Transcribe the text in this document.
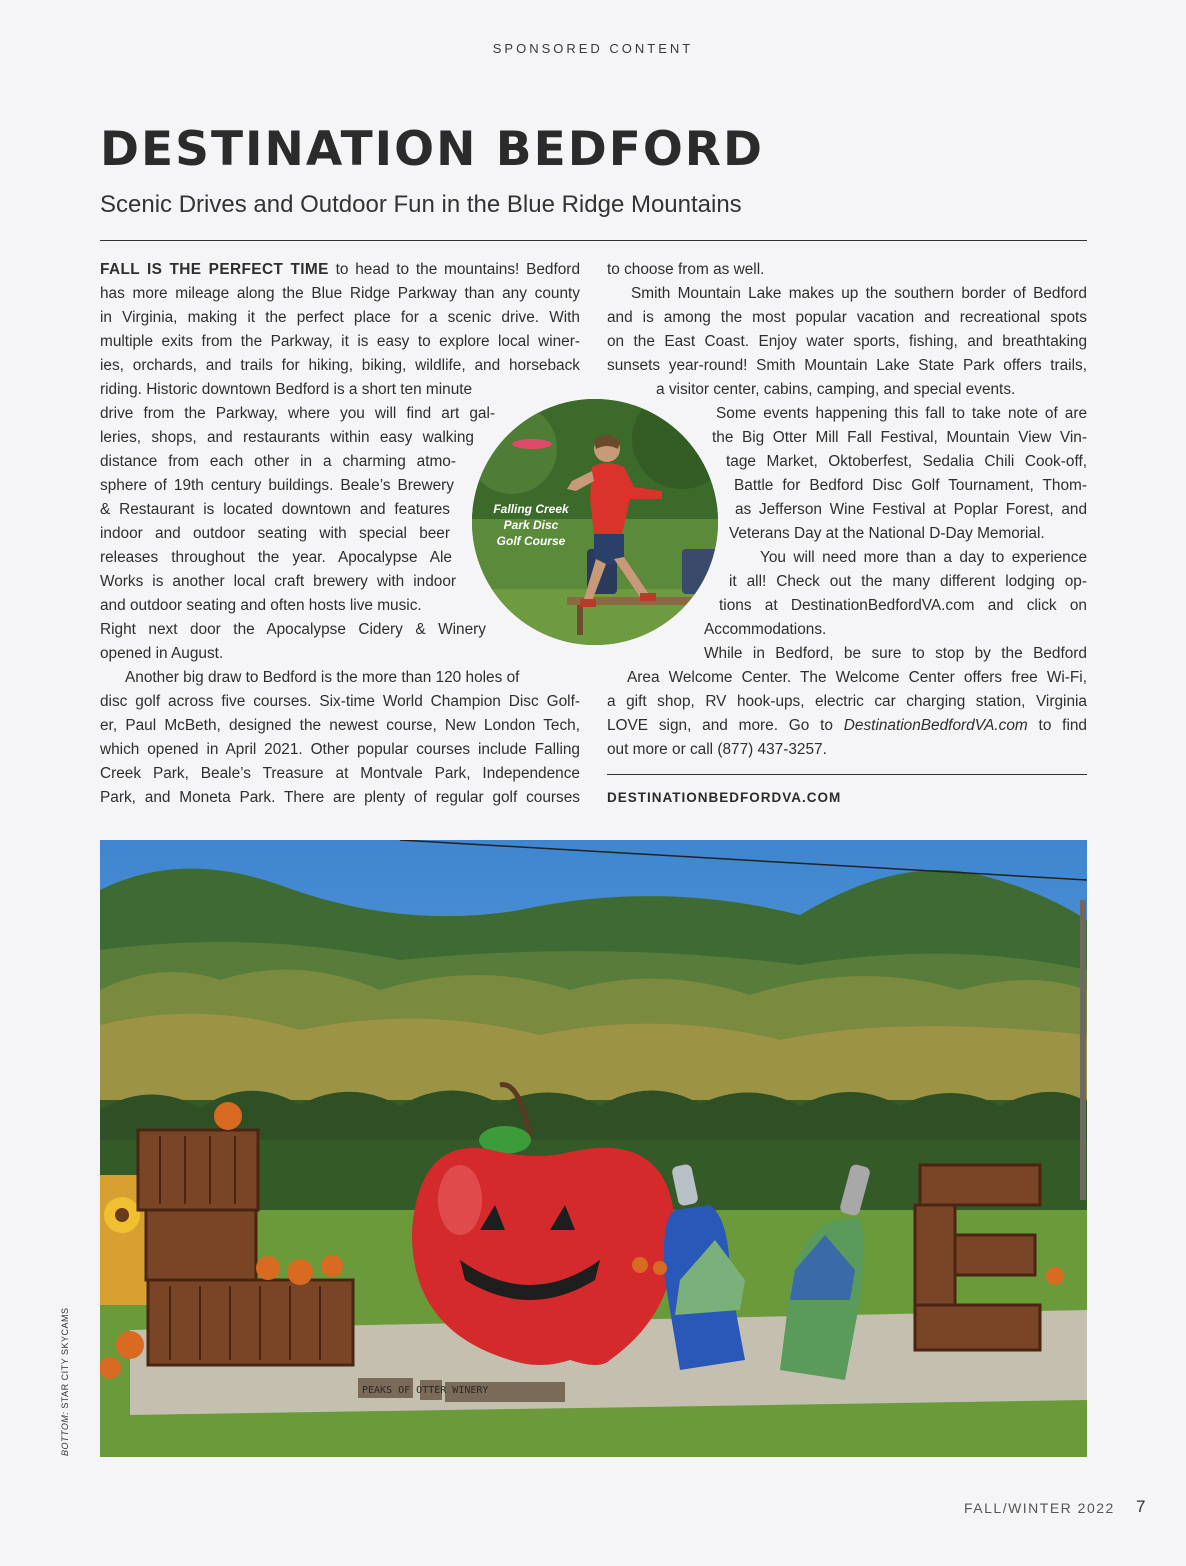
SPONSORED CONTENT
DESTINATION BEDFORD
Scenic Drives and Outdoor Fun in the Blue Ridge Mountains
FALL IS THE PERFECT TIME to head to the mountains! Bedford
has more mileage along the Blue Ridge Parkway than any county
in Virginia, making it the perfect place for a scenic drive. With
multiple exits from the Parkway, it is easy to explore local winer-
ies, orchards, and trails for hiking, biking, wildlife, and horseback
riding. Historic downtown Bedford is a short ten minute
drive from the Parkway, where you will find art gal-
leries, shops, and restaurants within easy walking
distance from each other in a charming atmo-
sphere of 19th century buildings. Beale’s Brewery
& Restaurant is located downtown and features
indoor and outdoor seating with special beer
releases throughout the year. Apocalypse Ale
Works is another local craft brewery with indoor
and outdoor seating and often hosts live music.
Right next door the Apocalypse Cidery & Winery
opened in August.
Another big draw to Bedford is the more than 120 holes of
disc golf across five courses. Six-time World Champion Disc Golf-
er, Paul McBeth, designed the newest course, New London Tech,
which opened in April 2021. Other popular courses include Falling
Creek Park, Beale’s Treasure at Montvale Park, Independence
Park, and Moneta Park. There are plenty of regular golf courses
to choose from as well.
Smith Mountain Lake makes up the southern border of Bedford
and is among the most popular vacation and recreational spots
on the East Coast. Enjoy water sports, fishing, and breathtaking
sunsets year-round! Smith Mountain Lake State Park offers trails,
a visitor center, cabins, camping, and special events.
Some events happening this fall to take note of are
the Big Otter Mill Fall Festival, Mountain View Vin-
tage Market, Oktoberfest, Sedalia Chili Cook-off,
Battle for Bedford Disc Golf Tournament, Thom-
as Jefferson Wine Festival at Poplar Forest, and
Veterans Day at the National D-Day Memorial.
You will need more than a day to experience
it all! Check out the many different lodging op-
tions at DestinationBedfordVA.com and click on
Accommodations.
While in Bedford, be sure to stop by the Bedford
Area Welcome Center. The Welcome Center offers free Wi-Fi,
a gift shop, RV hook-ups, electric car charging station, Virginia
LOVE sign, and more. Go to DestinationBedfordVA.com to find
out more or call (877) 437-3257.
DESTINATIONBEDFORDVA.COM
Falling Creek
Park Disc
Golf Course
PEAKS OF OTTER WINERY
BOTTOM: STAR CITY SKYCAMS
FALL/WINTER 2022 7
